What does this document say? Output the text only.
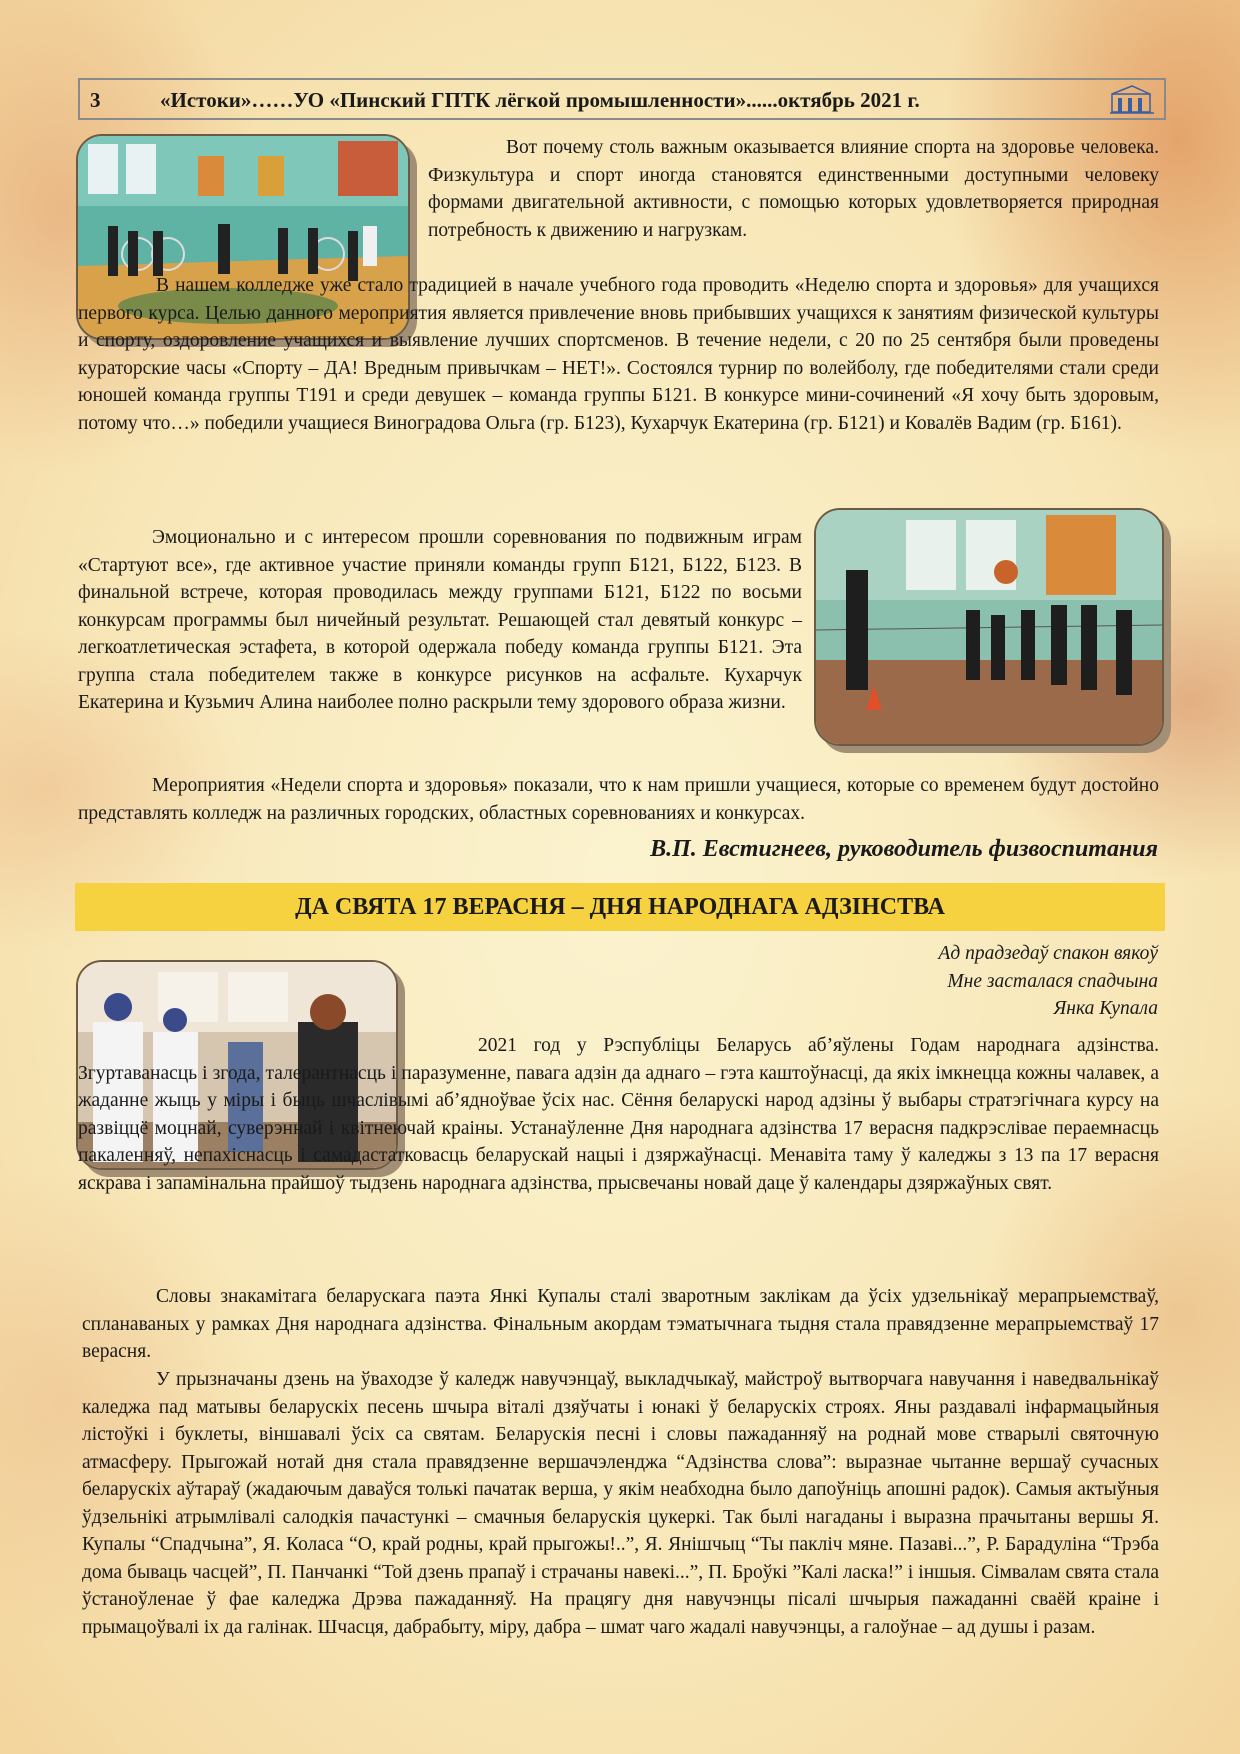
3	«Истоки»……УО «Пинский ГПТК лёгкой промышленности»......октябрь 2021 г.

Вот почему столь важным оказывается влияние спорта на здоровье человека. Физкультура и спорт иногда становятся единственными доступными человеку формами двигательной активности, с помощью которых удовлетворяется природная потребность к движению и нагрузкам.

В нашем колледже уже стало традицией в начале учебного года проводить «Неделю спорта и здоровья» для учащихся первого курса. Целью данного мероприятия является привлечение вновь прибывших учащихся к занятиям физической культуры и спорту, оздоровление учащихся и выявление лучших спортсменов. В течение недели, с 20 по 25 сентября были проведены кураторские часы «Спорту – ДА! Вредным привычкам – НЕТ!». Состоялся турнир по волейболу, где победителями стали среди юношей команда группы Т191 и среди девушек – команда группы Б121. В конкурсе мини-сочинений «Я хочу быть здоровым, потому что…» победили учащиеся Виноградова Ольга (гр. Б123), Кухарчук Екатерина (гр. Б121) и Ковалёв Вадим (гр. Б161).

Эмоционально и с интересом прошли соревнования по подвижным играм «Стартуют все», где активное участие приняли команды групп Б121, Б122, Б123. В финальной встрече, которая проводилась между группами Б121, Б122 по восьми конкурсам программы был ничейный результат. Решающей стал девятый конкурс – легкоатлетическая эстафета, в которой одержала победу команда группы Б121. Эта группа стала победителем также в конкурсе рисунков на асфальте. Кухарчук Екатерина и Кузьмич Алина наиболее полно раскрыли тему здорового образа жизни.

Мероприятия «Недели спорта и здоровья» показали, что к нам пришли учащиеся, которые со временем будут достойно представлять колледж на различных городских, областных соревнованиях и конкурсах.

В.П. Евстигнеев, руководитель физвоспитания
ДА СВЯТА 17 ВЕРАСНЯ – ДНЯ НАРОДНАГА АДЗІНСТВА
Ад прадзедаў спакон вякоў
Мне засталася спадчына
Янка Купала

2021 год у Рэспубліцы Беларусь аб’яўлены Годам народнага адзінства. Згуртаванасць і згода, талерантнасць і паразуменне, павага адзін да аднаго – гэта каштоўнасці, да якіх імкнецца кожны чалавек, а жаданне жыць у міры і быць шчаслівымі аб’ядноўвае ўсіх нас. Сёння беларускі народ адзіны ў выбары стратэгічнага курсу на развіццё моцнай, суверэннай і квітнеючай краіны. Устанаўленне Дня народнага адзінства 17 верасня падкрэслівае пераемнасць пакаленняў, непахіснасць і самадастатковасць беларускай нацыі і дзяржаўнасці. Менавіта таму ў каледжы з 13 па 17 верасня яскрава і запамінальна прайшоў тыдзень народнага адзінства, прысвечаны новай даце ў календары дзяржаўных свят.

Словы знакамітага беларускага паэта Янкі Купалы сталі зваротным заклікам да ўсіх удзельнікаў мерапрыемстваў, спланаваных у рамках Дня народнага адзінства. Фінальным акордам тэматычнага тыдня стала правядзенне мерапрыемстваў 17 верасня.

У прызначаны дзень на ўваходзе ў каледж навучэнцаў, выкладчыкаў, майстроў вытворчага навучання і наведвальнікаў каледжа пад матывы беларускіх песень шчыра віталі дзяўчаты і юнакі ў беларускіх строях. Яны раздавалі інфармацыйныя лістоўкі і буклеты, віншавалі ўсіх са святам. Беларускія песні і словы пажаданняў на роднай мове стварылі святочную атмасферу. Прыгожай нотай дня стала правядзенне вершачэленджа “Адзінства слова”: выразнае чытанне вершаў сучасных беларускіх аўтараў (жадаючым даваўся толькі пачатак верша, у якім неабходна было дапоўніць апошні радок). Самыя актыўныя ўдзельнікі атрымлівалі салодкія пачастункі – смачныя беларускія цукеркі. Так былі нагаданы і выразна прачытаны вершы Я. Купалы “Спадчына”, Я. Коласа “О, край родны, край прыгожы!..”, Я. Янішчыц “Ты пакліч мяне. Пазаві...”, Р. Барадуліна “Трэба дома бываць часцей”, П. Панчанкі “Той дзень прапаў і страчаны навекі...”, П. Броўкі ”Калі ласка!” і іншыя. Сімвалам свята стала ўстаноўленае ў фае каледжа Дрэва пажаданняў. На працягу дня навучэнцы пісалі шчырыя пажаданні сваёй краіне і прымацоўвалі іх да галінак. Шчасця, дабрабыту, міру, дабра – шмат чаго жадалі навучэнцы, а галоўнае – ад душы і разам.
